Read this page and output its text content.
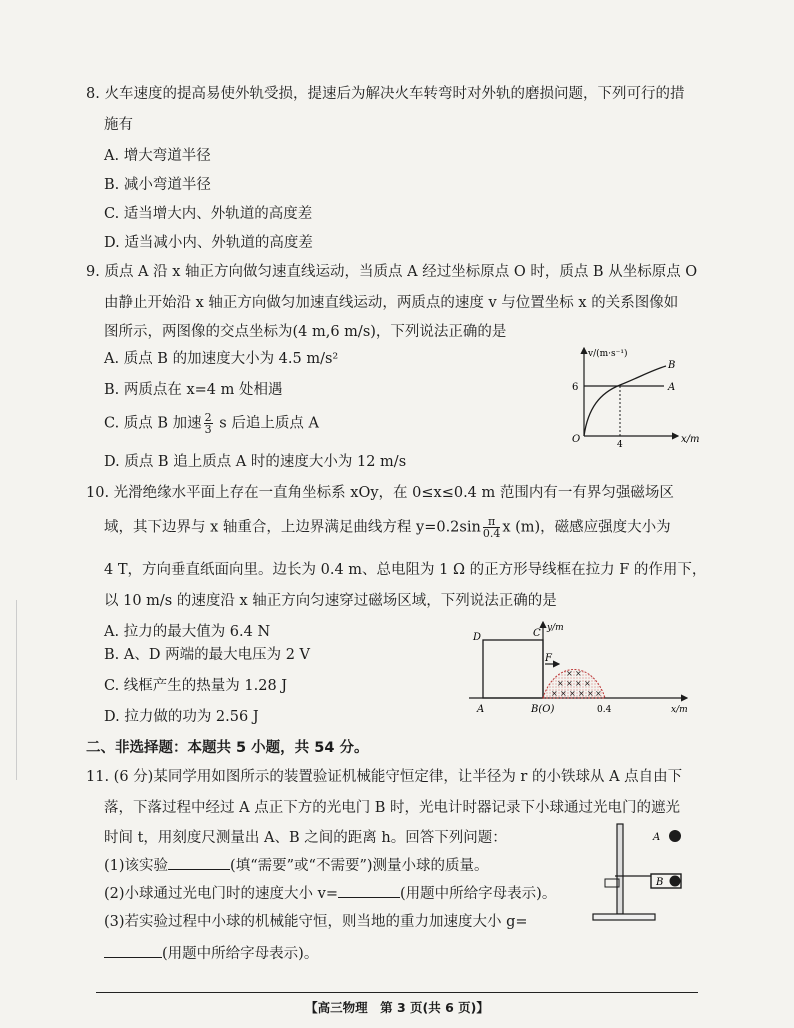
8. 火车速度的提高易使外轨受损，提速后为解决火车转弯时对外轨的磨损问题，下列可行的措
施有
A. 增大弯道半径
B. 减小弯道半径
C. 适当增大内、外轨道的高度差
D. 适当减小内、外轨道的高度差
9. 质点 A 沿 x 轴正方向做匀速直线运动，当质点 A 经过坐标原点 O 时，质点 B 从坐标原点 O
由静止开始沿 x 轴正方向做匀加速直线运动，两质点的速度 v 与位置坐标 x 的关系图像如
图所示，两图像的交点坐标为(4 m,6 m/s)，下列说法正确的是
A. 质点 B 的加速度大小为 4.5 m/s²
B. 两质点在 x=4 m 处相遇
C. 质点 B 加速 $\frac{2}{3}$ s 后追上质点 A
D. 质点 B 追上质点 A 时的速度大小为 12 m/s
v/(m·s⁻¹)
x/m
O
6
4
A
B
10. 光滑绝缘水平面上存在一直角坐标系 xOy，在 0≤x≤0.4 m 范围内有一有界匀强磁场区
域，其下边界与 x 轴重合，上边界满足曲线方程 $y=0.2\sin \frac{\pi}{0.4}$ x (m)，磁感应强度大小为
4 T，方向垂直纸面向里。边长为 0.4 m、总电阻为 1 Ω 的正方形导线框在拉力 F 的作用下，
以 10 m/s 的速度沿 x 轴正方向匀速穿过磁场区域，下列说法正确的是
A. 拉力的最大值为 6.4 N
B. A、D 两端的最大电压为 2 V
C. 线框产生的热量为 1.28 J
D. 拉力做的功为 2.56 J
× ×
× × × ×
× × × × × ×
F
D	C y/m
A	B(O)	0.4	x/m
二、非选择题：本题共 5 小题，共 54 分。
11. (6 分)某同学用如图所示的装置验证机械能守恒定律，让半径为 r 的小铁球从 A 点自由下
落，下落过程中经过 A 点正下方的光电门 B 时，光电计时器记录下小球通过光电门的遮光
时间 t，用刻度尺测量出 A、B 之间的距离 h。回答下列问题：
(1)该实验	(填“需要”或“不需要”)测量小球的质量。
(2)小球通过光电门时的速度大小 v=	(用题中所给字母表示)。
(3)若实验过程中小球的机械能守恒，则当地的重力加速度大小 g=
(用题中所给字母表示)。
A
B
【高三物理　第 3 页(共 6 页)】
